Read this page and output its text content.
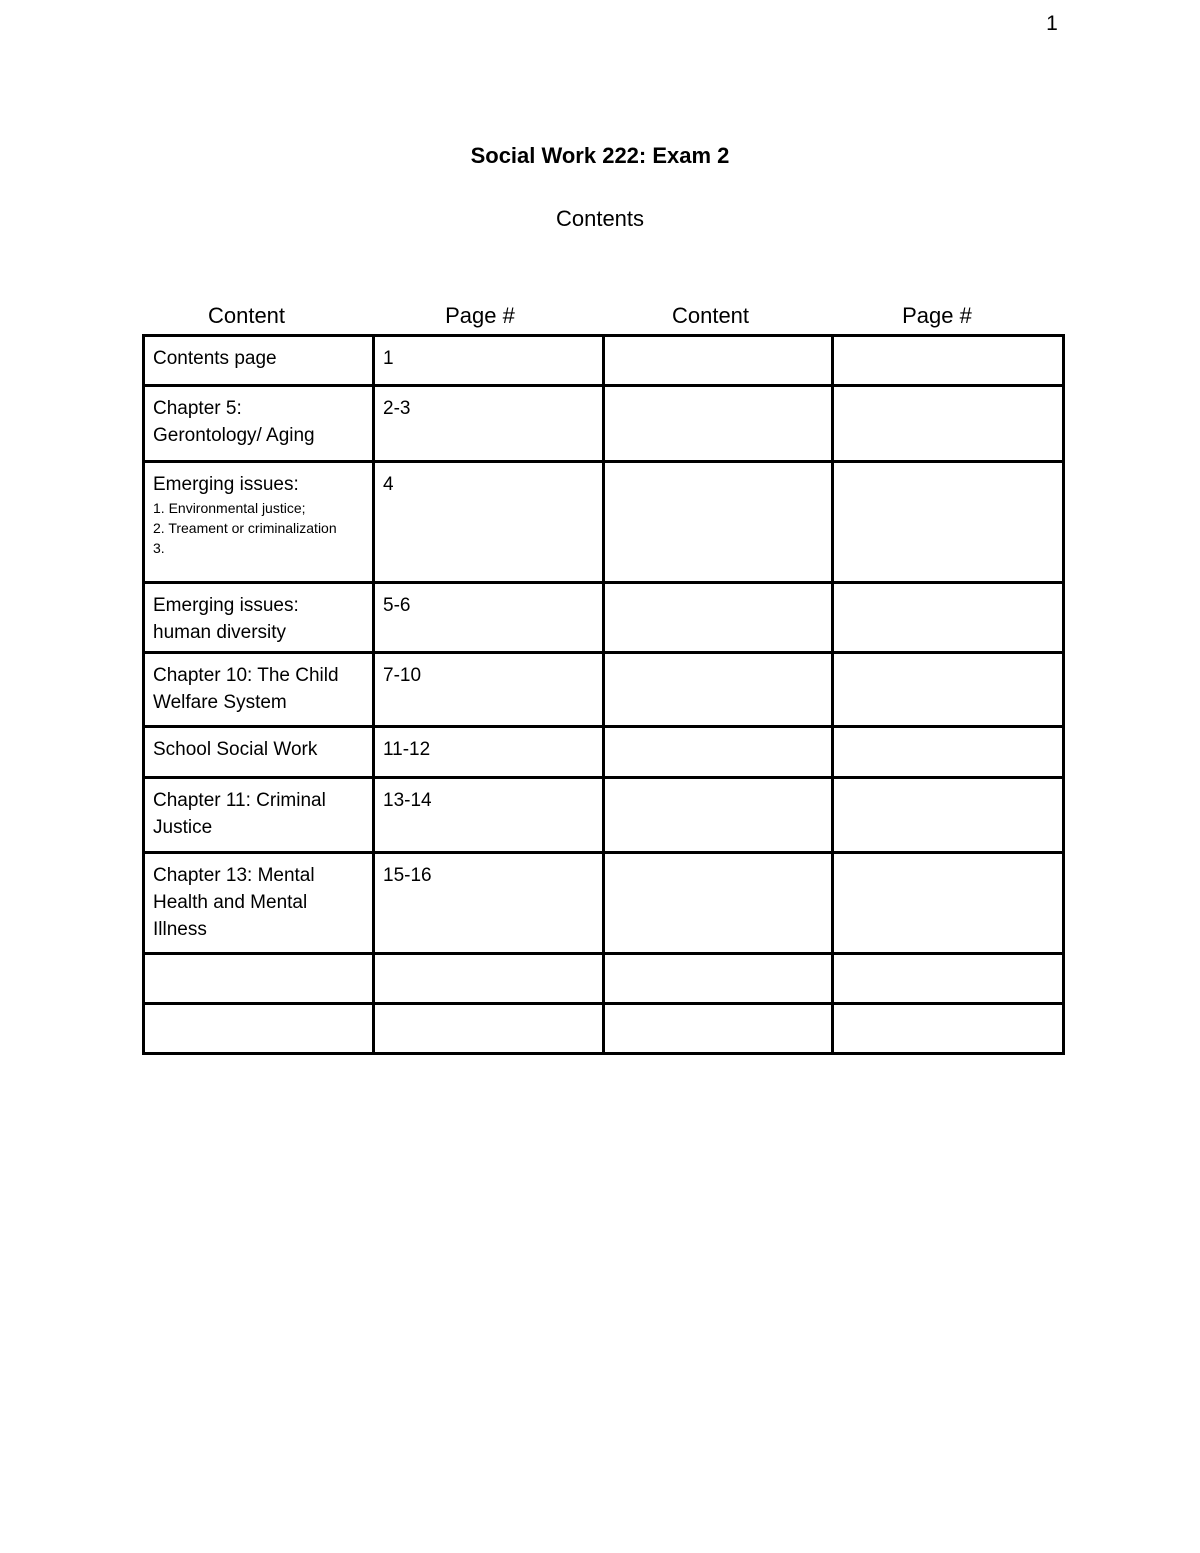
1
Social Work 222: Exam 2
Contents
Content	Page #	Content	Page #
Contents page	1		

Chapter 5:
Gerontology/ Aging	2-3		

Emerging issues:
1. Environmental justice;
2. Treament or criminalization
3.	4		

Emerging issues:
human diversity	5-6		

Chapter 10: The Child
Welfare System	7-10		

School Social Work	11-12		

Chapter 11: Criminal
Justice	13-14		

Chapter 13: Mental
Health and Mental
Illness	15-16		
